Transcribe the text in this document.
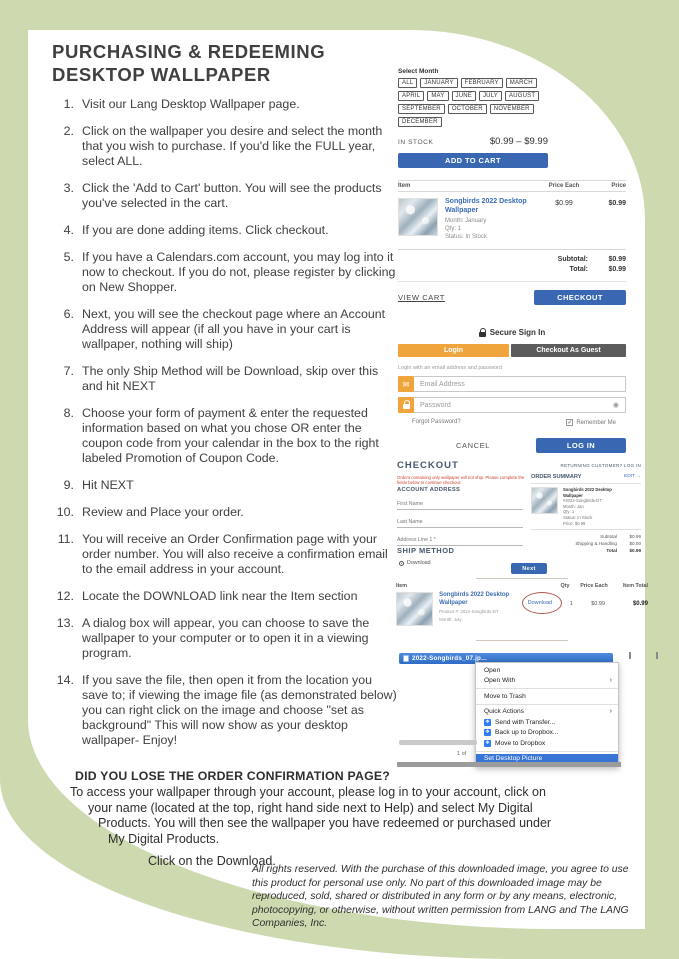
PURCHASING & REDEEMING
DESKTOP WALLPAPER
1. Visit our Lang Desktop Wallpaper page.
2. Click on the wallpaper you desire and select the month that you wish to purchase. If you'd like the FULL year, select ALL.
3. Click the 'Add to Cart' button. You will see the products you've selected in the cart.
4. If you are done adding items. Click checkout.
5. If you have a Calendars.com account, you may log into it now to checkout. If you do not, please register by clicking on New Shopper.
6. Next, you will see the checkout page where an Account Address will appear (if all you have in your cart is wallpaper, nothing will ship)
7. The only Ship Method will be Download, skip over this and hit NEXT
8. Choose your form of payment & enter the requested information based on what you chose OR enter the coupon code from your calendar in the box to the right labeled Promotion of Coupon Code.
9. Hit NEXT
10. Review and Place your order.
11. You will receive an Order Confirmation page with your order number. You will also receive a confirmation email to the email address in your account.
12. Locate the DOWNLOAD link near the Item section
13. A dialog box will appear, you can choose to save the wallpaper to your computer or to open it in a viewing program.
14. If you save the file, then open it from the location you save to; if viewing the image file (as demonstrated below) you can right click on the image and choose "set as background" This will now show as your desktop wallpaper- Enjoy!
Select Month
ALL	JANUARY	FEBRUARY	MARCH
APRIL	MAY	JUNE	JULY	AUGUST
SEPTEMBER	OCTOBER	NOVEMBER
DECEMBER
IN STOCK	$0.99 – $9.99
ADD TO CART
Item	Price Each	Price
Songbirds 2022 Desktop Wallpaper
Month: January
Qty: 1
Status: In Stock
$0.99	$0.99
Subtotal:	$0.99
Total:	$0.99
VIEW CART	CHECKOUT
Secure Sign In
Login	Checkout As Guest
Login with an email address and password
✉	Email Address
Password	◉
Forgot Password?	✓ Remember Me
CANCEL	LOG IN
CHECKOUT	RETURNING CUSTOMER? LOG IN
Orders containing only wallpaper will not ship. Please complete the fields below to continue checkout.
ACCOUNT ADDRESS
First Name
Last Name
Address Line 1 *
SHIP METHOD
Download
ORDER SUMMARY	EDIT →
Songbirds 2022 Desktop
Wallpaper
#2022-Songbirds-DT
Month: Jan
Qty: 1
Status: In Stock
Price: $0.99
Subtotal	$0.99
Shipping & Handling	$0.00
Total	$0.99
Next
Item	Qty	Price Each	Item Total
Songbirds 2022 Desktop Wallpaper
Product #: 2022-Songbirds-DT
Month: July
Download	1	$0.99	$0.99
2022-Songbirds_07.jp...
Open
Open With	›
Move to Trash
Quick Actions	›
❖ Send with Transfer...
❖ Back up to Dropbox...
❖ Move to Dropbox
Set Desktop Picture
1 of
DID YOU LOSE THE ORDER CONFIRMATION PAGE?
To access your wallpaper through your account, please log in to your account, click on
your name (located at the top, right hand side next to Help) and select My Digital
Products. You will then see the wallpaper you have redeemed or purchased under
My Digital Products.
Click on the Download.
All rights reserved. With the purchase of this downloaded image, you agree to use this product for personal use only. No part of this downloaded image may be reproduced, sold, shared or distributed in any form or by any means, electronic, photocopying, or otherwise, without written permission from LANG and The LANG Companies, Inc.
